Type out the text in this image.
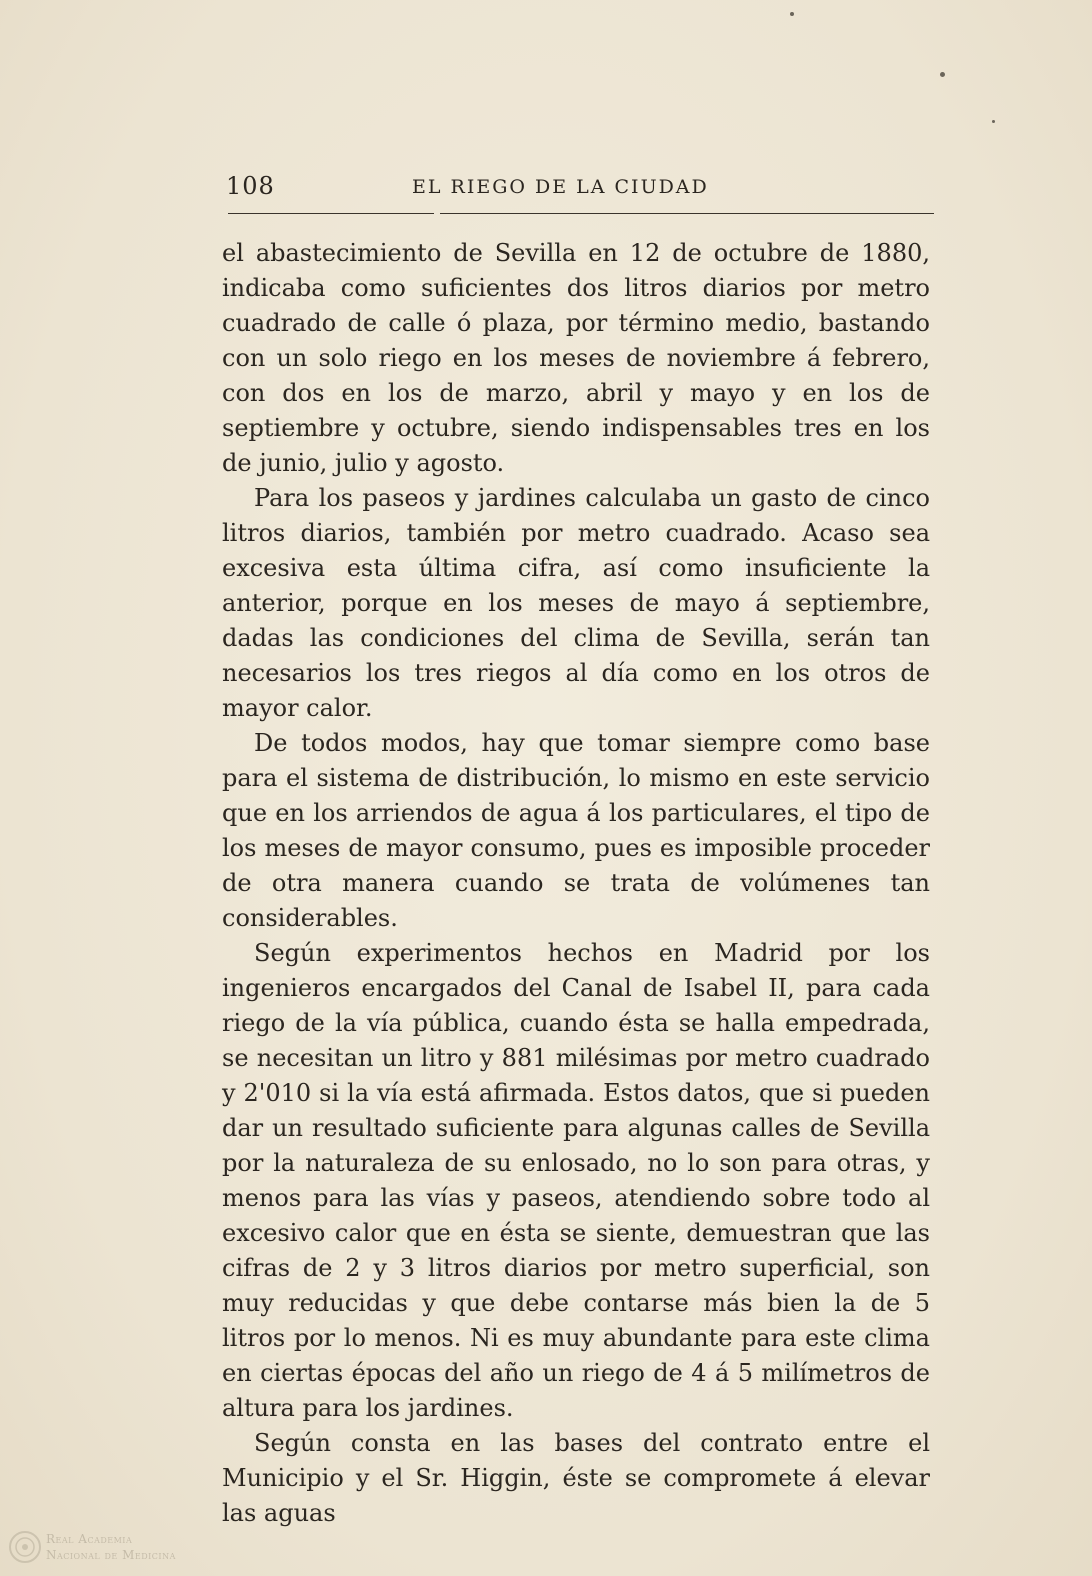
108	EL RIEGO DE LA CIUDAD

el abastecimiento de Sevilla en 12 de octubre de 1880, indicaba como suficientes dos litros diarios por metro cuadrado de calle ó plaza, por término medio, bastando con un solo riego en los meses de noviembre á febrero, con dos en los de marzo, abril y mayo y en los de septiembre y octubre, siendo indispensables tres en los de junio, julio y agosto.

Para los paseos y jardines calculaba un gasto de cinco litros diarios, también por metro cuadrado. Acaso sea excesiva esta última cifra, así como insuficiente la anterior, porque en los meses de mayo á septiembre, dadas las condiciones del clima de Sevilla, serán tan necesarios los tres riegos al día como en los otros de mayor calor.

De todos modos, hay que tomar siempre como base para el sistema de distribución, lo mismo en este servicio que en los arriendos de agua á los particulares, el tipo de los meses de mayor consumo, pues es imposible proceder de otra manera cuando se trata de volúmenes tan considerables.

Según experimentos hechos en Madrid por los ingenieros encargados del Canal de Isabel II, para cada riego de la vía pública, cuando ésta se halla empedrada, se necesitan un litro y 881 milésimas por metro cuadrado y 2'010 si la vía está afirmada. Estos datos, que si pueden dar un resultado suficiente para algunas calles de Sevilla por la naturaleza de su enlosado, no lo son para otras, y menos para las vías y paseos, atendiendo sobre todo al excesivo calor que en ésta se siente, demuestran que las cifras de 2 y 3 litros diarios por metro superficial, son muy reducidas y que debe contarse más bien la de 5 litros por lo menos. Ni es muy abundante para este clima en ciertas épocas del año un riego de 4 á 5 milímetros de altura para los jardines.

Según consta en las bases del contrato entre el Municipio y el Sr. Higgin, éste se compromete á elevar las aguas

Real Academia
Nacional de Medicina
